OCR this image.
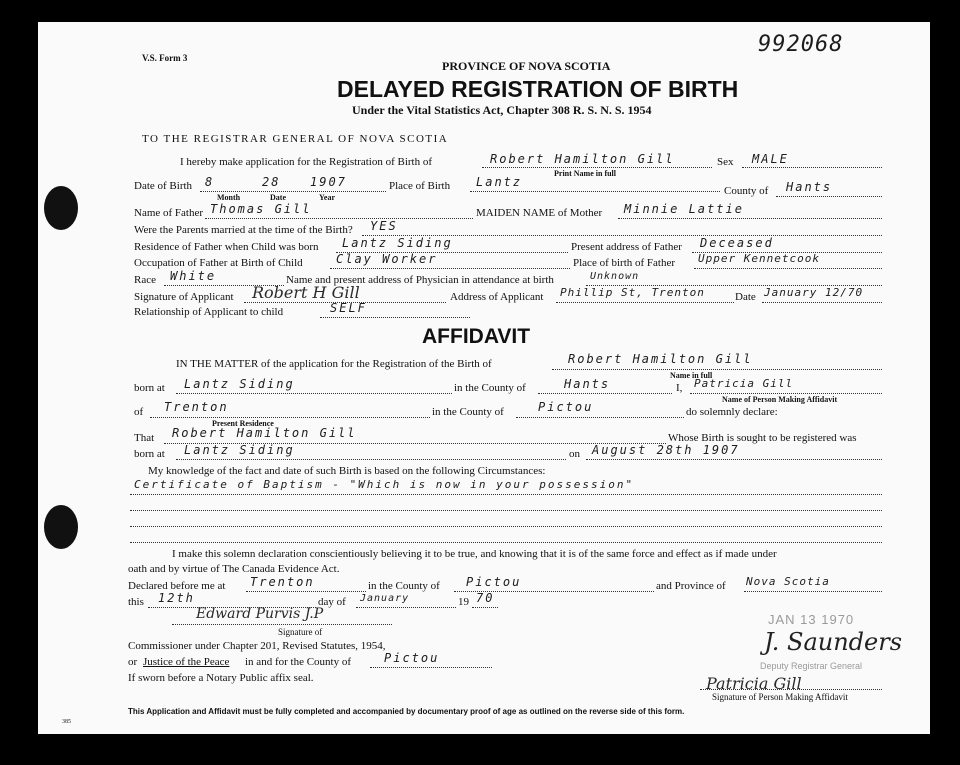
V.S. Form 3
992068
PROVINCE OF NOVA SCOTIA
DELAYED REGISTRATION OF BIRTH
Under the Vital Statistics Act, Chapter 308 R. S. N. S. 1954
TO THE REGISTRAR GENERAL OF NOVA SCOTIA
I hereby make application for the Registration of Birth of	Robert Hamilton Gill	Sex MALE
Print Name in full
Date of Birth 8	28 1907
Month	Date	Year
Place of Birth Lantz
County of Hants
Name of Father Thomas Gill	MAIDEN NAME of Mother Minnie Lattie
Were the Parents married at the time of the Birth? YES
Residence of Father when Child was born Lantz Siding	Present address of Father Deceased
Occupation of Father at Birth of Child	Clay Worker	Place of birth of Father Upper Kennetcook
Race White	Name and present address of Physician in attendance at birth	Unknown
Signature of Applicant Robert H Gill	Address of Applicant Phillip St, Trenton	Date January 12/70
Relationship of Applicant to child	SELF
AFFIDAVIT
IN THE MATTER of the application for the Registration of the Birth of	Robert Hamilton Gill
Name in full
born at Lantz Siding	in the County of	Hants	I, Patricia Gill
Name of Person Making Affidavit
of Trenton
Present Residence
in the County of	Pictou	do solemnly declare:
That Robert Hamilton Gill	Whose Birth is sought to be registered was
born at Lantz Siding	on August 28th 1907
My knowledge of the fact and date of such Birth is based on the following Circumstances:
Certificate of Baptism - "Which is now in your possession"
I make this solemn declaration conscientiously believing it to be true, and knowing that it is of the same force and effect as if made under
oath and by virtue of The Canada Evidence Act.
Declared before me at Trenton	in the County of Pictou	and Province of Nova Scotia
this 12th	day of January	19 70
Edward Purvis J.P
Signature of
Commissioner under Chapter 201, Revised Statutes, 1954,
or Justice of the Peace in and for the County of	Pictou
If sworn before a Notary Public affix seal.
JAN 13 1970
J. Saunders
Deputy Registrar General
Patricia Gill
Signature of Person Making Affidavit
This Application and Affidavit must be fully completed and accompanied by documentary proof of age as outlined on the reverse side of this form.
385
